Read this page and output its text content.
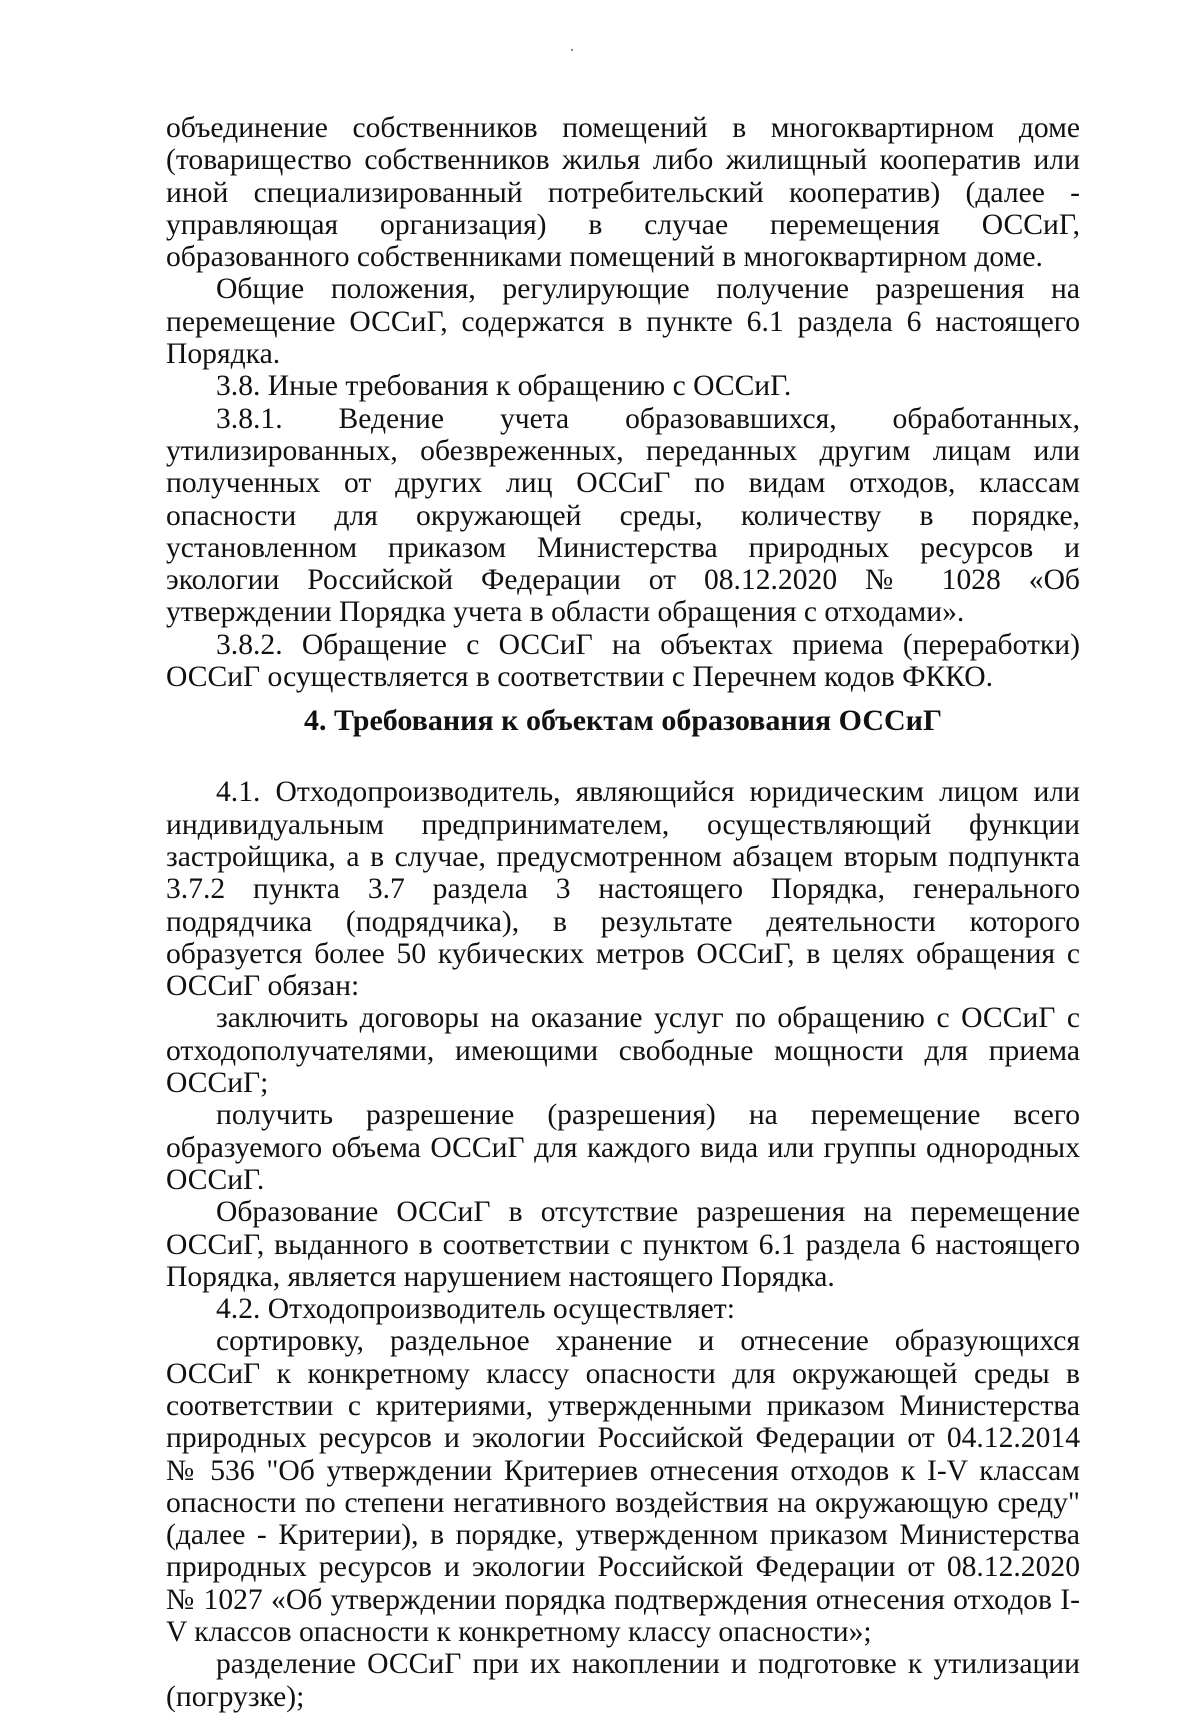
объединение собственников помещений в многоквартирном доме (товарищество собственников жилья либо жилищный кооператив или иной специализированный потребительский кооператив) (далее - управляющая организация) в случае перемещения ОССиГ, образованного собственниками помещений в многоквартирном доме.

Общие положения, регулирующие получение разрешения на перемещение ОССиГ, содержатся в пункте 6.1 раздела 6 настоящего Порядка.

3.8. Иные требования к обращению с ОССиГ.

3.8.1. Ведение учета образовавшихся, обработанных, утилизированных, обезвреженных, переданных другим лицам или полученных от других лиц ОССиГ по видам отходов, классам опасности для окружающей среды, количеству в порядке, установленном приказом Министерства природных ресурсов и экологии Российской Федерации от 08.12.2020 № 1028 «Об утверждении Порядка учета в области обращения с отходами».

3.8.2. Обращение с ОССиГ на объектах приема (переработки) ОССиГ осуществляется в соответствии с Перечнем кодов ФККО.

4. Требования к объектам образования ОССиГ

4.1. Отходопроизводитель, являющийся юридическим лицом или индивидуальным предпринимателем, осуществляющий функции застройщика, а в случае, предусмотренном абзацем вторым подпункта 3.7.2 пункта 3.7 раздела 3 настоящего Порядка, генерального подрядчика (подрядчика), в результате деятельности которого образуется более 50 кубических метров ОССиГ, в целях обращения с ОССиГ обязан:

заключить договоры на оказание услуг по обращению с ОССиГ с отходополучателями, имеющими свободные мощности для приема ОССиГ;

получить разрешение (разрешения) на перемещение всего образуемого объема ОССиГ для каждого вида или группы однородных ОССиГ.

Образование ОССиГ в отсутствие разрешения на перемещение ОССиГ, выданного в соответствии с пунктом 6.1 раздела 6 настоящего Порядка, является нарушением настоящего Порядка.

4.2. Отходопроизводитель осуществляет:

сортировку, раздельное хранение и отнесение образующихся ОССиГ к конкретному классу опасности для окружающей среды в соответствии с критериями, утвержденными приказом Министерства природных ресурсов и экологии Российской Федерации от 04.12.2014 № 536 "Об утверждении Критериев отнесения отходов к I-V классам опасности по степени негативного воздействия на окружающую среду" (далее - Критерии), в порядке, утвержденном приказом Министерства природных ресурсов и экологии Российской Федерации от 08.12.2020 № 1027 «Об утверждении порядка подтверждения отнесения отходов I-V классов опасности к конкретному классу опасности»;

разделение ОССиГ при их накоплении и подготовке к утилизации (погрузке);
